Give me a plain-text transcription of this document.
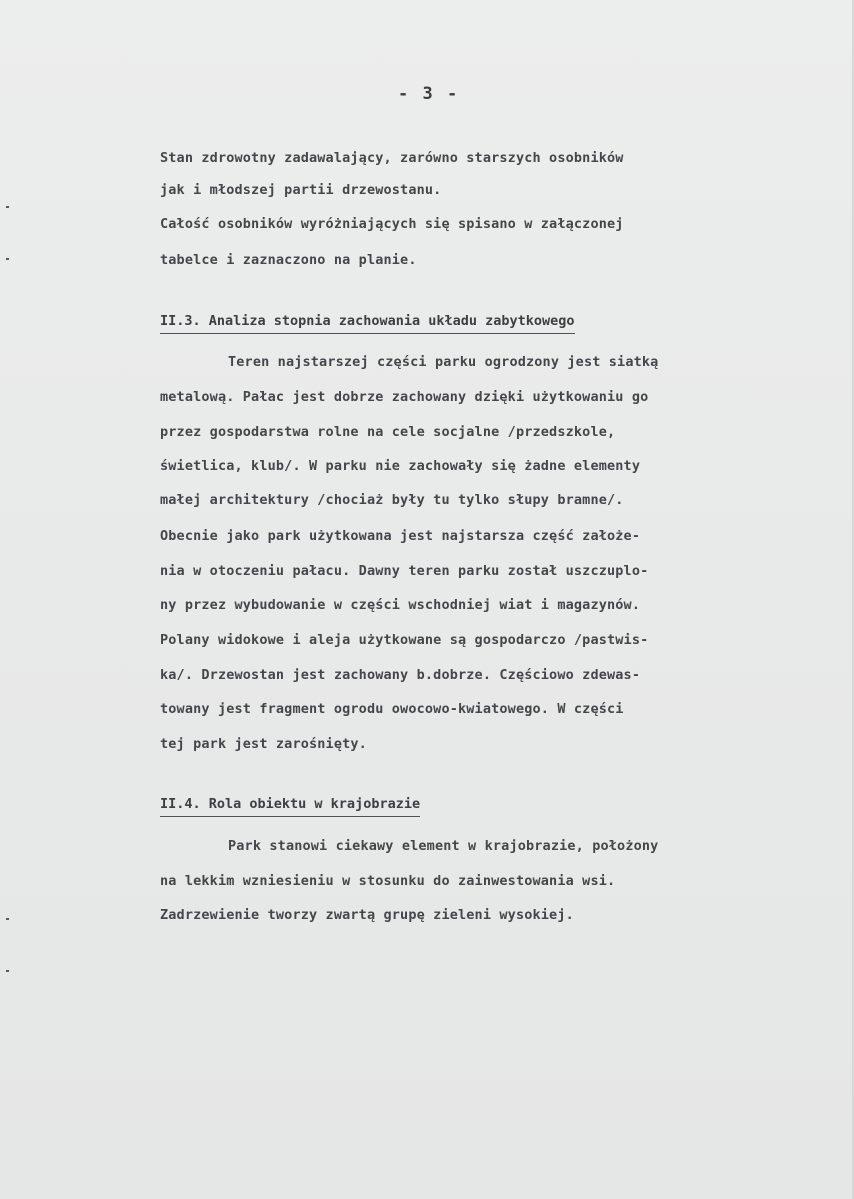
- 3 -
Stan zdrowotny zadawalający, zarówno starszych osobników
jak i młodszej partii drzewostanu.
Całość osobników wyróżniających się spisano w załączonej
tabelce i zaznaczono na planie.
II.3. Analiza stopnia zachowania układu zabytkowego
Teren najstarszej części parku ogrodzony jest siatką
metalową. Pałac jest dobrze zachowany dzięki użytkowaniu go
przez gospodarstwa rolne na cele socjalne /przedszkole,
świetlica, klub/. W parku nie zachowały się żadne elementy
małej architektury /chociaż były tu tylko słupy bramne/.
Obecnie jako park użytkowana jest najstarsza część założe-
nia w otoczeniu pałacu. Dawny teren parku został uszczuplo-
ny przez wybudowanie w części wschodniej wiat i magazynów.
Polany widokowe i aleja użytkowane są gospodarczo /pastwis-
ka/. Drzewostan jest zachowany b.dobrze. Częściowo zdewas-
towany jest fragment ogrodu owocowo-kwiatowego. W części
tej park jest zarośnięty.
II.4. Rola obiektu w krajobrazie
Park stanowi ciekawy element w krajobrazie, położony
na lekkim wzniesieniu w stosunku do zainwestowania wsi.
Zadrzewienie tworzy zwartą grupę zieleni wysokiej.
